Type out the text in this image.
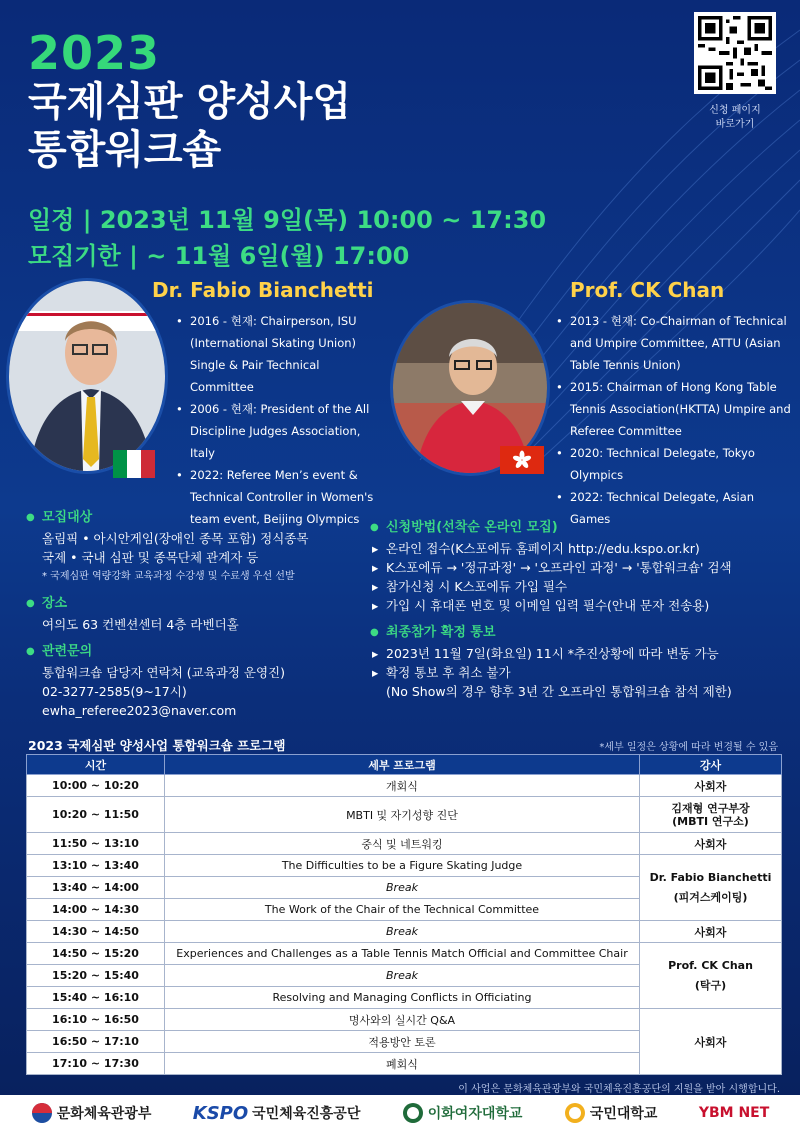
2023
국제심판 양성사업
통합워크숍
일정 | 2023년 11월 9일(목) 10:00 ~ 17:30
모집기한 | ~ 11월 6일(월) 17:00
신청 페이지
바로가기
Dr. Fabio Bianchetti
• 2016 - 현재: Chairperson, ISU (International Skating Union) Single & Pair Technical Committee
• 2006 - 현재: President of the All Discipline Judges Association, Italy
• 2022: Referee Men’s event & Technical Controller in Women's team event, Beijing Olympics
Prof. CK Chan
• 2013 - 현재: Co-Chairman of Technical and Umpire Committee, ATTU (Asian Table Tennis Union)
• 2015: Chairman of Hong Kong Table Tennis Association(HKTTA) Umpire and Referee Committee
• 2020: Technical Delegate, Tokyo Olympics
• 2022: Technical Delegate, Asian Games
● 모집대상
올림픽 • 아시안게임(장애인 종목 포함) 정식종목
국제 • 국내 심판 및 종목단체 관계자 등
* 국제심판 역량강화 교육과정 수강생 및 수료생 우선 선발
● 장소
여의도 63 컨벤션센터 4층 라벤더홀
● 관련문의
통합워크숍 담당자 연락처 (교육과정 운영진)
02-3277-2585(9~17시)
ewha_referee2023@naver.com
● 신청방법(선착순 온라인 모집)
▸ 온라인 접수(K스포에듀 홈페이지 http://edu.kspo.or.kr)
▸ K스포에듀 → '정규과정' → '오프라인 과정' → '통합워크숍' 검색
▸ 참가신청 시 K스포에듀 가입 필수
▸ 가입 시 휴대폰 번호 및 이메일 입력 필수(안내 문자 전송용)
● 최종참가 확정 통보
▸ 2023년 11월 7일(화요일) 11시 *추진상황에 따라 변동 가능
▸ 확정 통보 후 취소 불가
(No Show의 경우 향후 3년 간 오프라인 통합워크숍 참석 제한)
2023 국제심판 양성사업 통합워크숍 프로그램	*세부 일정은 상황에 따라 변경될 수 있음
시간	세부 프로그램	강사
10:00 ~ 10:20	개회식	사회자
10:20 ~ 11:50	MBTI 및 자기성향 진단	김재형 연구부장
(MBTI 연구소)
11:50 ~ 13:10	중식 및 네트워킹	사회자
13:10 ~ 13:40	The Difficulties to be a Figure Skating Judge	Dr. Fabio Bianchetti
(피겨스케이팅)
13:40 ~ 14:00	Break	
14:00 ~ 14:30	The Work of the Chair of the Technical Committee	
14:30 ~ 14:50	Break	사회자
14:50 ~ 15:20	Experiences and Challenges as a Table Tennis Match Official and Committee Chair	Prof. CK Chan
(탁구)
15:20 ~ 15:40	Break	
15:40 ~ 16:10	Resolving and Managing Conflicts in Officiating	
16:10 ~ 16:50	명사와의 실시간 Q&A	사회자
16:50 ~ 17:10	적용방안 토론	
17:10 ~ 17:30	폐회식	
이 사업은 문화체육관광부와 국민체육진흥공단의 지원을 받아 시행합니다.
문화체육관광부 KSPO 국민체육진흥공단	이화여자대학교	국민대학교	YBM NET
